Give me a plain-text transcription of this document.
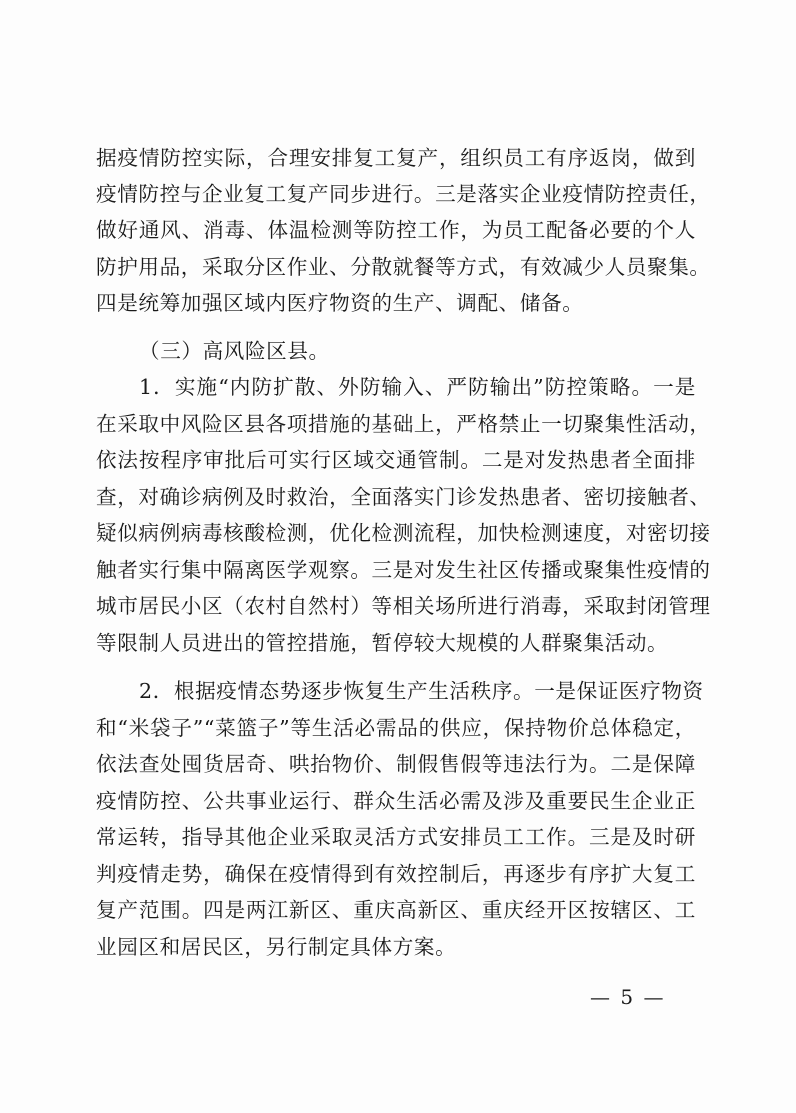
据疫情防控实际，合理安排复工复产，组织员工有序返岗，做到
疫情防控与企业复工复产同步进行。三是落实企业疫情防控责任，
做好通风、消毒、体温检测等防控工作，为员工配备必要的个人
防护用品，采取分区作业、分散就餐等方式，有效减少人员聚集。
四是统筹加强区域内医疗物资的生产、调配、储备。
（三）高风险区县。
1．实施“内防扩散、外防输入、严防输出”防控策略。一是
在采取中风险区县各项措施的基础上，严格禁止一切聚集性活动，
依法按程序审批后可实行区域交通管制。二是对发热患者全面排
查，对确诊病例及时救治，全面落实门诊发热患者、密切接触者、
疑似病例病毒核酸检测，优化检测流程，加快检测速度，对密切接
触者实行集中隔离医学观察。三是对发生社区传播或聚集性疫情的
城市居民小区（农村自然村）等相关场所进行消毒，采取封闭管理
等限制人员进出的管控措施，暂停较大规模的人群聚集活动。
2．根据疫情态势逐步恢复生产生活秩序。一是保证医疗物资
和“米袋子”“菜篮子”等生活必需品的供应，保持物价总体稳定，
依法查处囤货居奇、哄抬物价、制假售假等违法行为。二是保障
疫情防控、公共事业运行、群众生活必需及涉及重要民生企业正
常运转，指导其他企业采取灵活方式安排员工工作。三是及时研
判疫情走势，确保在疫情得到有效控制后，再逐步有序扩大复工
复产范围。四是两江新区、重庆高新区、重庆经开区按辖区、工
业园区和居民区，另行制定具体方案。
— 5 —
